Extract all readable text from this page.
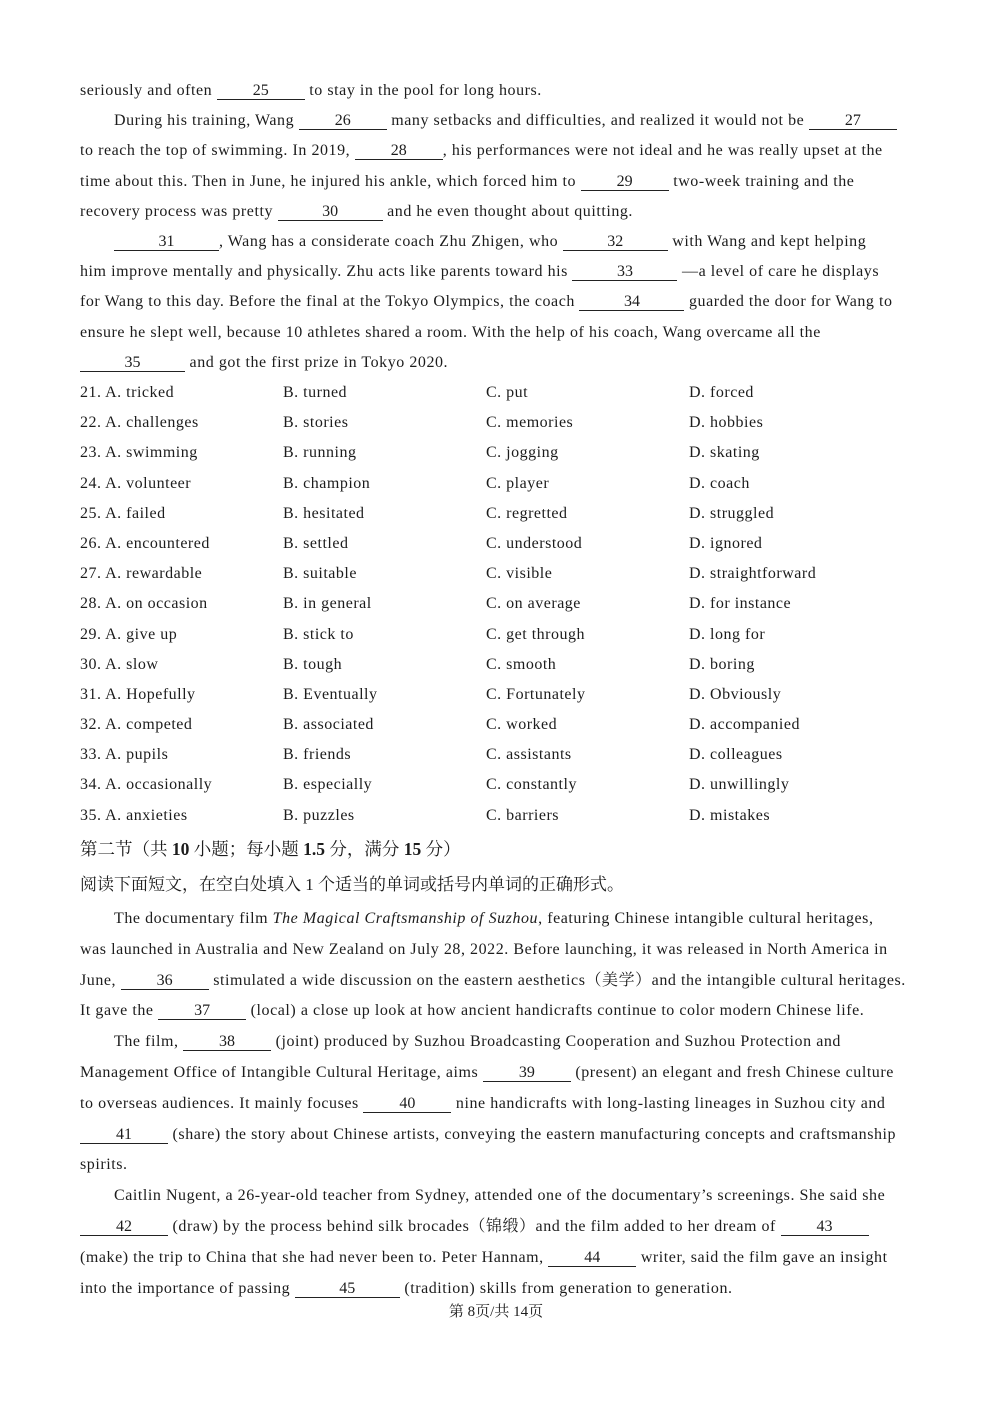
seriously and often 25 to stay in the pool for long hours.
During his training, Wang 26 many setbacks and difficulties, and realized it would not be 27
to reach the top of swimming. In 2019, 28 , his performances were not ideal and he was really upset at the
time about this. Then in June, he injured his ankle, which forced him to 29 two-week training and the
recovery process was pretty	30	and he even thought about quitting.
31	, Wang has a considerate coach Zhu Zhigen, who	32	with Wang and kept helping
him improve mentally and physically. Zhu acts like parents toward his	33	—a level of care he displays
for Wang to this day. Before the final at the Tokyo Olympics, the coach	34	guarded the door for Wang to
ensure he slept well, because 10 athletes shared a room. With the help of his coach, Wang overcame all the
35	and got the first prize in Tokyo 2020.
21. A. tricked	B. turned	C. put	D. forced
22. A. challenges	B. stories	C. memories	D. hobbies
23. A. swimming	B. running	C. jogging	D. skating
24. A. volunteer	B. champion	C. player	D. coach
25. A. failed	B. hesitated	C. regretted	D. struggled
26. A. encountered	B. settled	C. understood	D. ignored
27. A. rewardable	B. suitable	C. visible	D. straightforward
28. A. on occasion	B. in general	C. on average	D. for instance
29. A. give up	B. stick to	C. get through	D. long for
30. A. slow	B. tough	C. smooth	D. boring
31. A. Hopefully	B. Eventually	C. Fortunately	D. Obviously
32. A. competed	B. associated	C. worked	D. accompanied
33. A. pupils	B. friends	C. assistants	D. colleagues
34. A. occasionally	B. especially	C. constantly	D. unwillingly
35. A. anxieties	B. puzzles	C. barriers	D. mistakes
第二节（共 10 小题；每小题 1.5 分，满分 15 分）
阅读下面短文，在空白处填入 1 个适当的单词或括号内单词的正确形式。
The documentary film The Magical Craftsmanship of Suzhou, featuring Chinese intangible cultural heritages,
was launched in Australia and New Zealand on July 28, 2022. Before launching, it was released in North America in
June, 36 stimulated a wide discussion on the eastern aesthetics（美学）and the intangible cultural heritages.
It gave the 37 (local) a close up look at how ancient handicrafts continue to color modern Chinese life.
The film, 38 (joint) produced by Suzhou Broadcasting Cooperation and Suzhou Protection and
Management Office of Intangible Cultural Heritage, aims 39 (present) an elegant and fresh Chinese culture
to overseas audiences. It mainly focuses 40 nine handicrafts with long-lasting lineages in Suzhou city and
41 (share) the story about Chinese artists, conveying the eastern manufacturing concepts and craftsmanship
spirits.
Caitlin Nugent, a 26-year-old teacher from Sydney, attended one of the documentary’s screenings. She said she
42 (draw) by the process behind silk brocades（锦缎）and the film added to her dream of 43
(make) the trip to China that she had never been to. Peter Hannam, 44 writer, said the film gave an insight
into the importance of passing	45	(tradition) skills from generation to generation.
第 8页/共 14页
